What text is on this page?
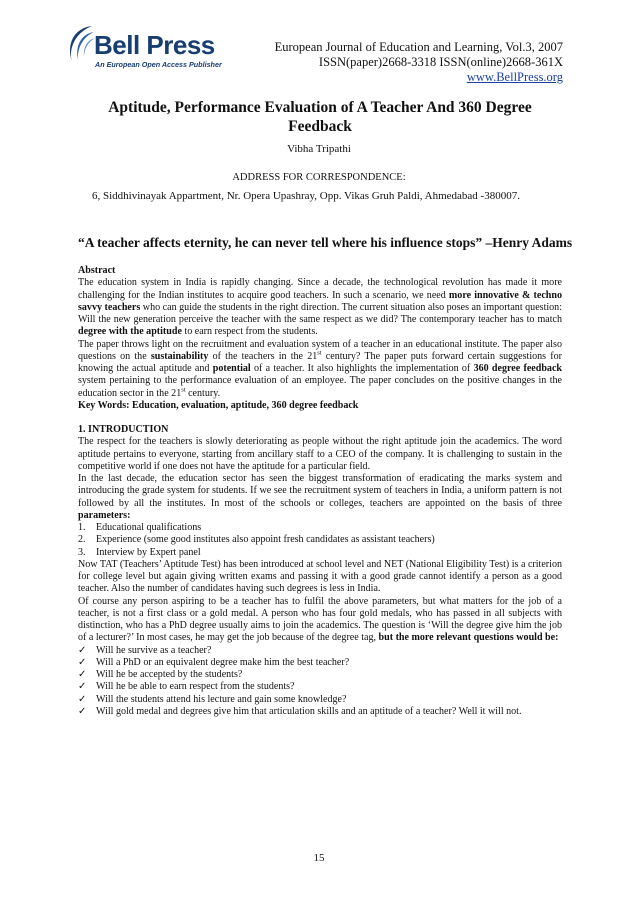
Bell Press
An European Open Access Publisher
European Journal of Education and Learning, Vol.3, 2007
ISSN(paper)2668-3318 ISSN(online)2668-361X
www.BellPress.org
Aptitude, Performance Evaluation of A Teacher And 360 Degree Feedback
Vibha Tripathi
ADDRESS FOR CORRESPONDENCE:
6, Siddhivinayak Appartment, Nr. Opera Upashray, Opp. Vikas Gruh Paldi, Ahmedabad -380007.
“A teacher affects eternity, he can never tell where his influence stops” –Henry Adams

Abstract

The education system in India is rapidly changing. Since a decade, the technological revolution has made it more challenging for the Indian institutes to acquire good teachers. In such a scenario, we need more innovative & techno savvy teachers who can guide the students in the right direction. The current situation also poses an important question: Will the new generation perceive the teacher with the same respect as we did? The contemporary teacher has to match degree with the aptitude to earn respect from the students.

The paper throws light on the recruitment and evaluation system of a teacher in an educational institute. The paper also questions on the sustainability of the teachers in the 21st century? The paper puts forward certain suggestions for knowing the actual aptitude and potential of a teacher. It also highlights the implementation of 360 degree feedback system pertaining to the performance evaluation of an employee. The paper concludes on the positive changes in the education sector in the 21st century.

Key Words: Education, evaluation, aptitude, 360 degree feedback

1. INTRODUCTION

The respect for the teachers is slowly deteriorating as people without the right aptitude join the academics. The word aptitude pertains to everyone, starting from ancillary staff to a CEO of the company. It is challenging to sustain in the competitive world if one does not have the aptitude for a particular field.

In the last decade, the education sector has seen the biggest transformation of eradicating the marks system and introducing the grade system for students. If we see the recruitment system of teachers in India, a uniform pattern is not followed by all the institutes. In most of the schools or colleges, teachers are appointed on the basis of three parameters:

1. Educational qualifications
2. Experience (some good institutes also appoint fresh candidates as assistant teachers)
3. Interview by Expert panel

Now TAT (Teachers’ Aptitude Test) has been introduced at school level and NET (National Eligibility Test) is a criterion for college level but again giving written exams and passing it with a good grade cannot identify a person as a good teacher. Also the number of candidates having such degrees is less in India.

Of course any person aspiring to be a teacher has to fulfil the above parameters, but what matters for the job of a teacher, is not a first class or a gold medal. A person who has four gold medals, who has passed in all subjects with distinction, who has a PhD degree usually aims to join the academics. The question is ‘Will the degree give him the job of a lecturer?’ In most cases, he may get the job because of the degree tag, but the more relevant questions would be:

✓ Will he survive as a teacher?
✓ Will a PhD or an equivalent degree make him the best teacher?
✓ Will he be accepted by the students?
✓ Will he be able to earn respect from the students?
✓ Will the students attend his lecture and gain some knowledge?
✓ Will gold medal and degrees give him that articulation skills and an aptitude of a teacher? Well it will not.
15
